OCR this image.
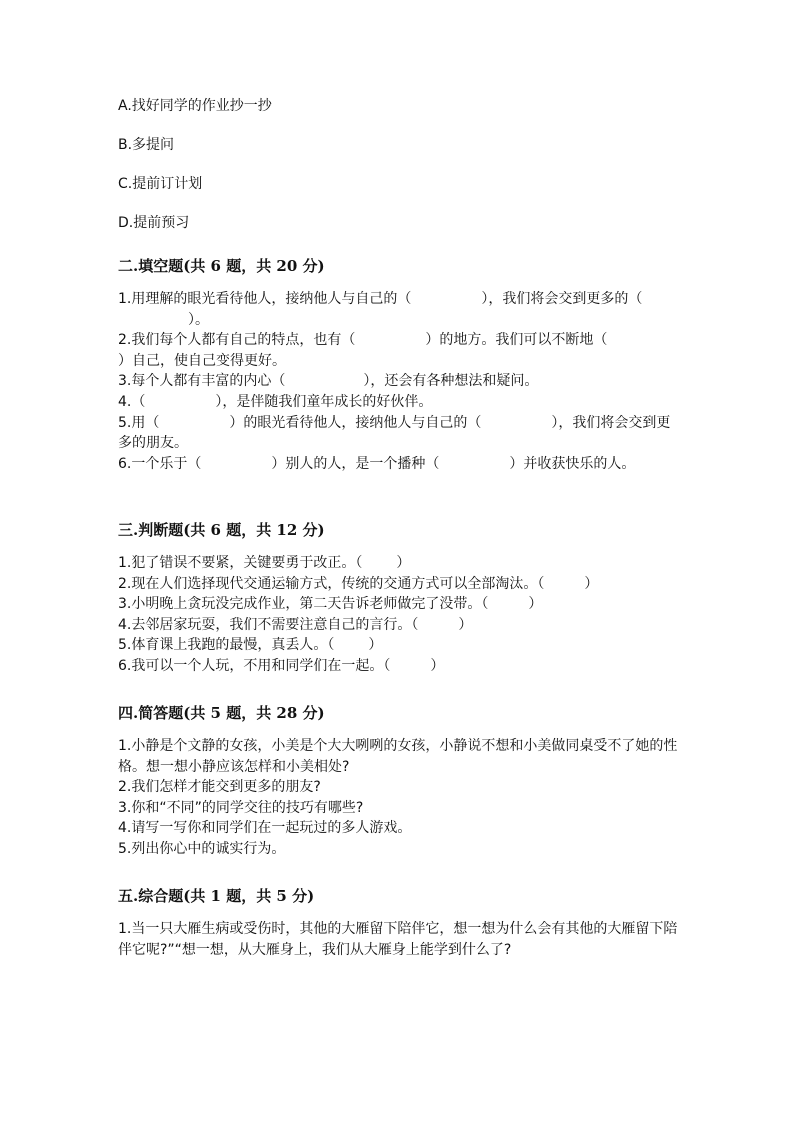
A.找好同学的作业抄一抄

B.多提问

C.提前订计划

D.提前预习

二.填空题(共 6 题，共 20 分)

1.用理解的眼光看待他人，接纳他人与自己的（	），我们将会交到更多的（）。

2.我们每个人都有自己的特点，也有（	）的地方。我们可以不断地（）自己，使自己变得更好。

3.每个人都有丰富的内心（	），还会有各种想法和疑问。

4.（	），是伴随我们童年成长的好伙伴。

5.用（	）的眼光看待他人，接纳他人与自己的（	），我们将会交到更多的朋友。

6.一个乐于（	）别人的人，是一个播种（	）并收获快乐的人。

三.判断题(共 6 题，共 12 分)

1.犯了错误不要紧，关键要勇于改正。（ ）

2.现在人们选择现代交通运输方式，传统的交通方式可以全部淘汰。（	）

3.小明晚上贪玩没完成作业，第二天告诉老师做完了没带。（	）

4.去邻居家玩耍，我们不需要注意自己的言行。（	）

5.体育课上我跑的最慢，真丢人。（ ）

6.我可以一个人玩，不用和同学们在一起。（	）

四.简答题(共 5 题，共 28 分)

1.小静是个文静的女孩，小美是个大大咧咧的女孩，小静说不想和小美做同桌受不了她的性格。想一想小静应该怎样和小美相处?

2.我们怎样才能交到更多的朋友?

3.你和“不同”的同学交往的技巧有哪些?

4.请写一写你和同学们在一起玩过的多人游戏。

5.列出你心中的诚实行为。

五.综合题(共 1 题，共 5 分)

1.当一只大雁生病或受伤时，其他的大雁留下陪伴它，想一想为什么会有其他的大雁留下陪伴它呢?”“想一想，从大雁身上，我们从大雁身上能学到什么了?
